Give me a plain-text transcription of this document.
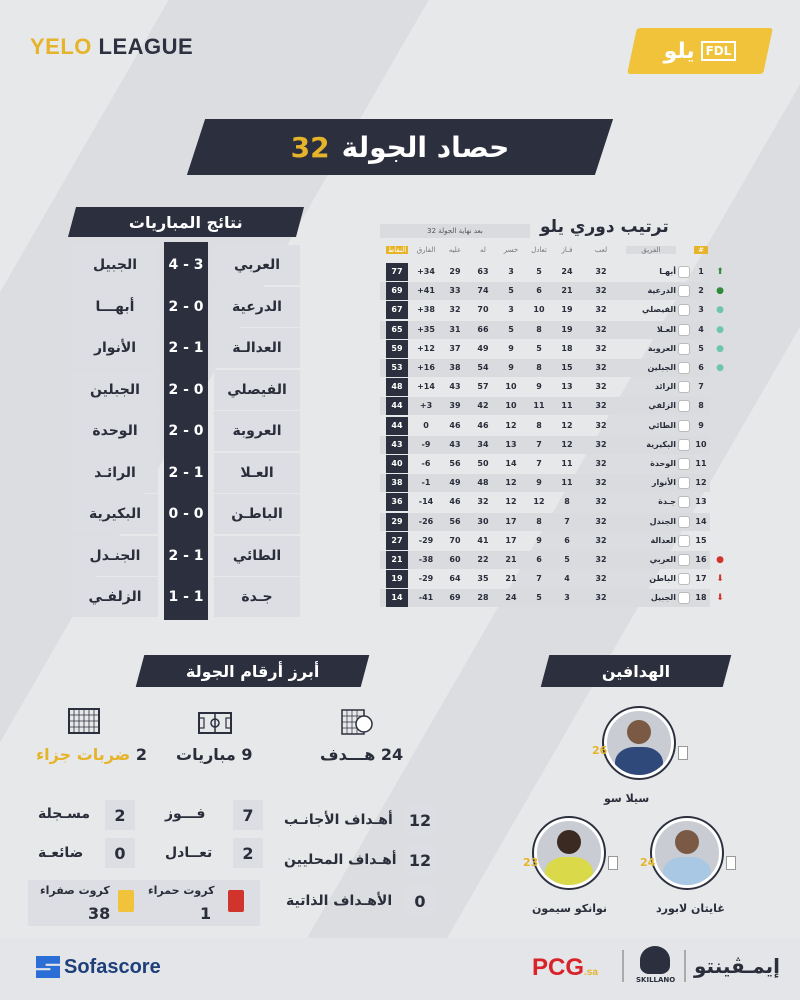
YELO LEAGUE	يلو FDL
حصاد الجولة
32
نتائج المباريات
الجبيل	4 - 3	العربي
أبهـــا	2 - 0	الدرعية
الأنوار	2 - 1	العدالـة
الجبلين	2 - 0	الفيصلي
الوحدة	2 - 0	العروبة
الرائـد	2 - 1	العـلا
البكيرية	0 - 0	الباطـن
الجنـدل	2 - 1	الطائي
الزلفـي	1 - 1	جـدة
ترتيب دوري يلو
بعد نهاية الجولة 32
النقاط	الفارق	عليه	له	خسر	تعادل	فـاز	لعب	الفريق	#
77	+34	29	63	3	5	24	32	أبهـا	1	⬆
69	+41	33	74	5	6	21	32	الدرعية	2	●
67	+38	32	70	3	10	19	32	الفيصلي	3	●
65	+35	31	66	5	8	19	32	العـلا	4	●
59	+12	37	49	9	5	18	32	العروبة	5	●
53	+16	38	54	9	8	15	32	الجبلين	6	●
48	+14	43	57	10	9	13	32	الرائد	7
44	+3	39	42	10	11	11	32	الزلفي	8
44	0	46	46	12	8	12	32	الطائي	9
43	-9	43	34	13	7	12	32	البكيرية 10
40	-6	56	50	14	7	11	32	الوحدة 11
38	-1	49	48	12	9	11	32	الأنوار 12
36	-14	46	32	12	12	8	32	جـدة 13
29	-26	56	30	17	8	7	32	الجندل 14
27	-29	70	41	17	9	6	32	العدالة 15
21	-38	60	22	21	6	5	32	العربي 16 ●
19	-29	64	35	21	7	4	32	الباطن 17 ⬇
14	-41	69	28	24	5	3	32	الجبيل 18 ⬇
أبرز أرقام الجولة
24 هـــدف
9 مباريات
2 ضربات جزاء
12
أهـداف الأجانـب
12
أهـداف المحليين
0
الأهـداف الذاتية
7
فـــوز
2
تعــادل
2
مسـجلة
0
ضائعـة
كروت حمراء
1
كروت صفراء
38
الهدافين
26
سيلا سو
24
غايتان لابورد
23
نوانكو سيمون
Sofascore	PCG.sa
SKILLANO
إيمـڤينتو
